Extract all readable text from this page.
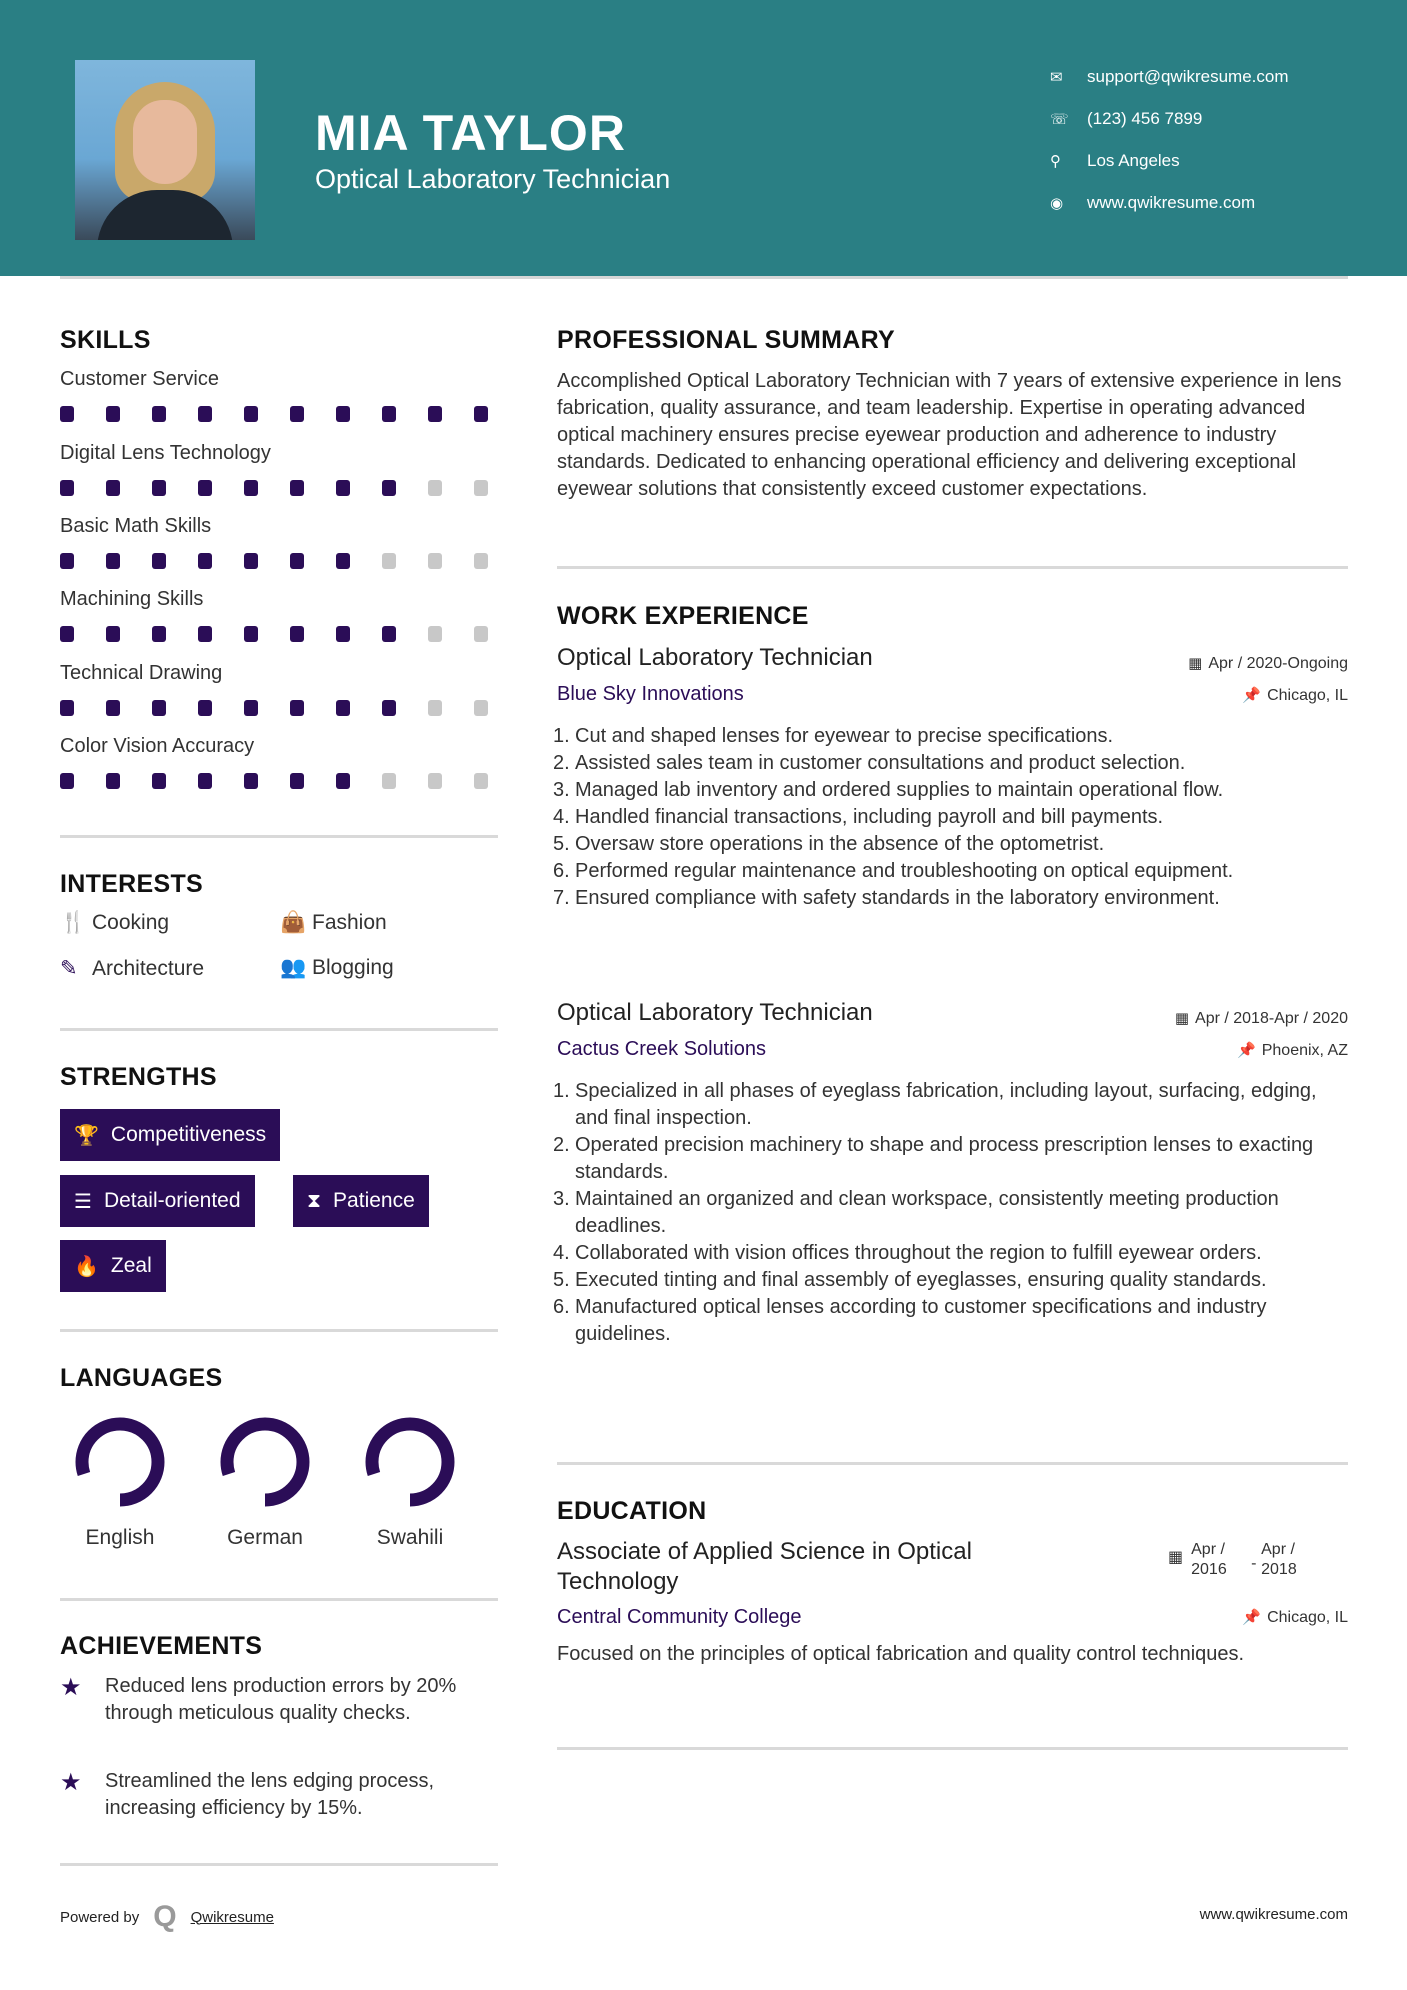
MIA TAYLOR
Optical Laboratory Technician
✉	support@qwikresume.com
☏	(123) 456 7899
⚲	Los Angeles
◉	www.qwikresume.com
SKILLS
Customer Service
Digital Lens Technology
Basic Math Skills
Machining Skills
Technical Drawing
Color Vision Accuracy
INTERESTS
🍴 Cooking	👜 Fashion
✎ Architecture	👥 Blogging
STRENGTHS
🏆 Competitiveness
☰ Detail-oriented	⧗ Patience
🔥 Zeal
LANGUAGES
English	German	Swahili
ACHIEVEMENTS
★	Reduced lens production errors by 20% through meticulous quality checks.
★	Streamlined the lens edging process, increasing efficiency by 15%.
PROFESSIONAL SUMMARY
Accomplished Optical Laboratory Technician with 7 years of extensive experience in lens fabrication, quality assurance, and team leadership. Expertise in operating advanced optical machinery ensures precise eyewear production and adherence to industry standards. Dedicated to enhancing operational efficiency and delivering exceptional eyewear solutions that consistently exceed customer expectations.
WORK EXPERIENCE
Optical Laboratory Technician	▦ Apr / 2020-Ongoing
Blue Sky Innovations	📌 Chicago, IL
1. Cut and shaped lenses for eyewear to precise specifications.
2. Assisted sales team in customer consultations and product selection.
3. Managed lab inventory and ordered supplies to maintain operational flow.
4. Handled financial transactions, including payroll and bill payments.
5. Oversaw store operations in the absence of the optometrist.
6. Performed regular maintenance and troubleshooting on optical equipment.
7. Ensured compliance with safety standards in the laboratory environment.
Optical Laboratory Technician	▦ Apr / 2018-Apr / 2020
Cactus Creek Solutions	📌 Phoenix, AZ
1. Specialized in all phases of eyeglass fabrication, including layout, surfacing, edging, and final inspection.
2. Operated precision machinery to shape and process prescription lenses to exacting standards.
3. Maintained an organized and clean workspace, consistently meeting production deadlines.
4. Collaborated with vision offices throughout the region to fulfill eyewear orders.
5. Executed tinting and final assembly of eyeglasses, ensuring quality standards.
6. Manufactured optical lenses according to customer specifications and industry guidelines.
EDUCATION
Associate of Applied Science in Optical
Technology
▦ Apr /
2016	-
Apr /
2018
Central Community College	📌 Chicago, IL
Focused on the principles of optical fabrication and quality control techniques.
Powered by Q Qwikresume	www.qwikresume.com
